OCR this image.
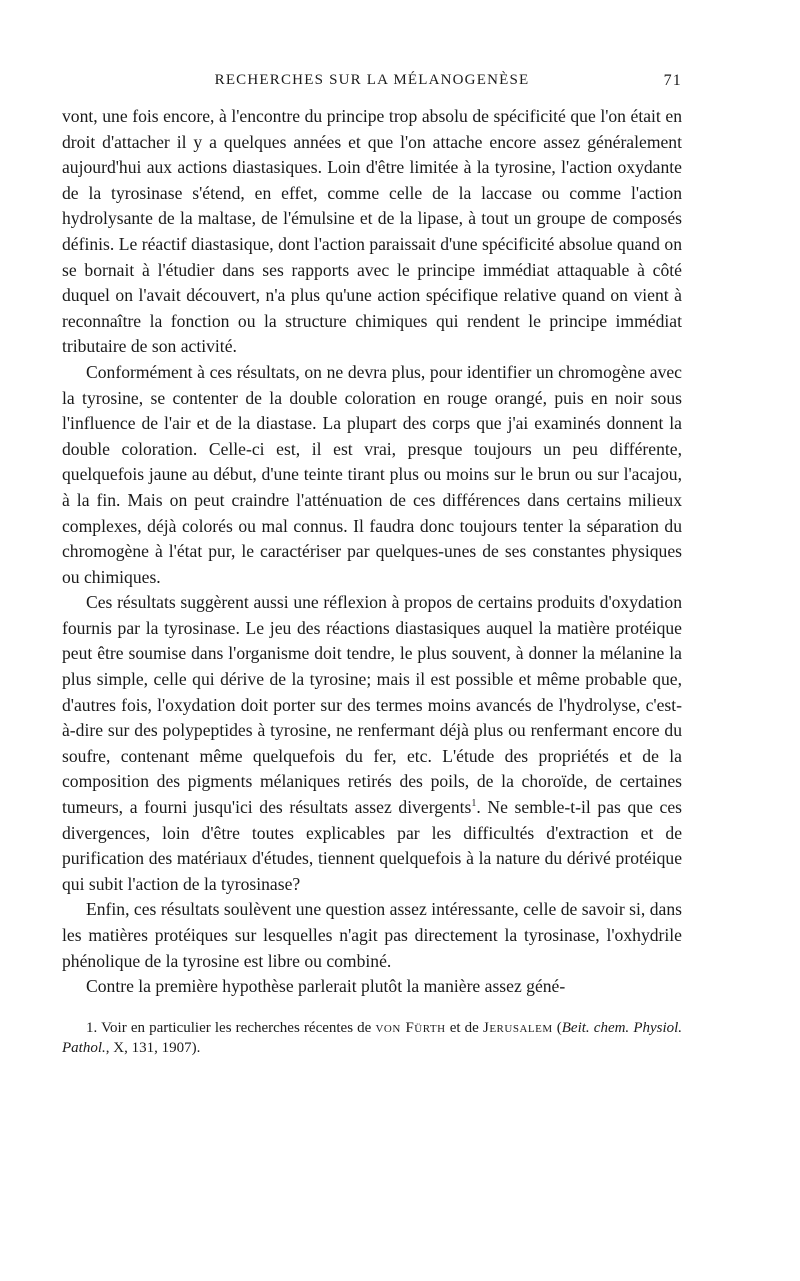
RECHERCHES SUR LA MÉLANOGENÈSE	71

vont, une fois encore, à l'encontre du principe trop absolu de spécificité que l'on était en droit d'attacher il y a quelques années et que l'on attache encore assez généralement aujourd'hui aux actions diastasiques. Loin d'être limitée à la tyrosine, l'action oxydante de la tyrosinase s'étend, en effet, comme celle de la laccase ou comme l'action hydrolysante de la maltase, de l'émulsine et de la lipase, à tout un groupe de composés définis. Le réactif diastasique, dont l'action paraissait d'une spécificité absolue quand on se bornait à l'étudier dans ses rapports avec le principe immédiat attaquable à côté duquel on l'avait découvert, n'a plus qu'une action spécifique relative quand on vient à reconnaître la fonction ou la structure chimiques qui rendent le principe immédiat tributaire de son activité.

Conformément à ces résultats, on ne devra plus, pour identifier un chromogène avec la tyrosine, se contenter de la double coloration en rouge orangé, puis en noir sous l'influence de l'air et de la diastase. La plupart des corps que j'ai examinés donnent la double coloration. Celle-ci est, il est vrai, presque toujours un peu différente, quelquefois jaune au début, d'une teinte tirant plus ou moins sur le brun ou sur l'acajou, à la fin. Mais on peut craindre l'atténuation de ces différences dans certains milieux complexes, déjà colorés ou mal connus. Il faudra donc toujours tenter la séparation du chromogène à l'état pur, le caractériser par quelques-unes de ses constantes physiques ou chimiques.

Ces résultats suggèrent aussi une réflexion à propos de certains produits d'oxydation fournis par la tyrosinase. Le jeu des réactions diastasiques auquel la matière protéique peut être soumise dans l'organisme doit tendre, le plus souvent, à donner la mélanine la plus simple, celle qui dérive de la tyrosine; mais il est possible et même probable que, d'autres fois, l'oxydation doit porter sur des termes moins avancés de l'hydrolyse, c'est-à-dire sur des polypeptides à tyrosine, ne renfermant déjà plus ou renfermant encore du soufre, contenant même quelquefois du fer, etc. L'étude des propriétés et de la composition des pigments mélaniques retirés des poils, de la choroïde, de certaines tumeurs, a fourni jusqu'ici des résultats assez divergents$^1$. Ne semble-t-il pas que ces divergences, loin d'être toutes explicables par les difficultés d'extraction et de purification des matériaux d'études, tiennent quelquefois à la nature du dérivé protéique qui subit l'action de la tyrosinase?

Enfin, ces résultats soulèvent une question assez intéressante, celle de savoir si, dans les matières protéiques sur lesquelles n'agit pas directement la tyrosinase, l'oxhydrile phénolique de la tyrosine est libre ou combiné.

Contre la première hypothèse parlerait plutôt la manière assez géné-

1. Voir en particulier les recherches récentes de von Fürth et de Jerusalem (Beit. chem. Physiol. Pathol., X, 131, 1907).
